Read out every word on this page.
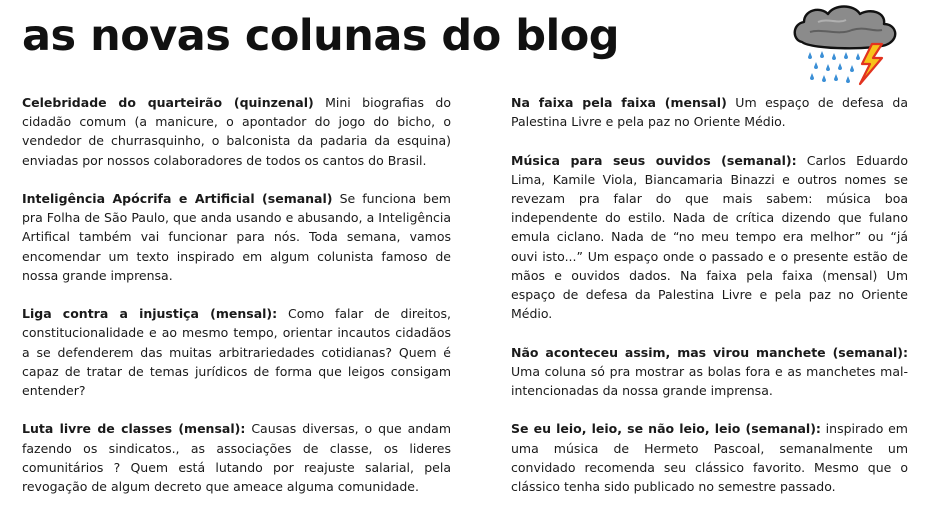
as novas colunas do blog

Celebridade do quarteirão (quinzenal) Mini biografias do cidadão comum (a manicure, o apontador do jogo do bicho, o vendedor de churrasquinho, o balconista da padaria da esquina) enviadas por nossos colaboradores de todos os cantos do Brasil.

Inteligência Apócrifa e Artificial (semanal) Se funciona bem pra Folha de São Paulo, que anda usando e abusando, a Inteligência Artifical também vai funcionar para nós. Toda semana, vamos encomendar um texto inspirado em algum colunista famoso de nossa grande imprensa.

Liga contra a injustiça (mensal): Como falar de direitos, constitucionalidade e ao mesmo tempo, orientar incautos cidadãos a se defenderem das muitas arbitrariedades cotidianas? Quem é capaz de tratar de temas jurídicos de forma que leigos consigam entender?

Luta livre de classes (mensal): Causas diversas, o que andam fazendo os sindicatos., as associações de classe, os lideres comunitários ? Quem está lutando por reajuste salarial, pela revogação de algum decreto que ameace alguma comunidade.

Na faixa pela faixa (mensal) Um espaço de defesa da Palestina Livre e pela paz no Oriente Médio.

Música para seus ouvidos (semanal): Carlos Eduardo Lima, Kamile Viola, Biancamaria Binazzi e outros nomes se revezam pra falar do que mais sabem: música boa independente do estilo. Nada de crítica dizendo que fulano emula ciclano. Nada de “no meu tempo era melhor” ou “já ouvi isto...” Um espaço onde o passado e o presente estão de mãos e ouvidos dados. Na faixa pela faixa (mensal) Um espaço de defesa da Palestina Livre e pela paz no Oriente Médio.

Não aconteceu assim, mas virou manchete (semanal): Uma coluna só pra mostrar as bolas fora e as manchetes mal-intencionadas da nossa grande imprensa.

Se eu leio, leio, se não leio, leio (semanal): inspirado em uma música de Hermeto Pascoal, semanalmente um convidado recomenda seu clássico favorito. Mesmo que o clássico tenha sido publicado no semestre passado.
